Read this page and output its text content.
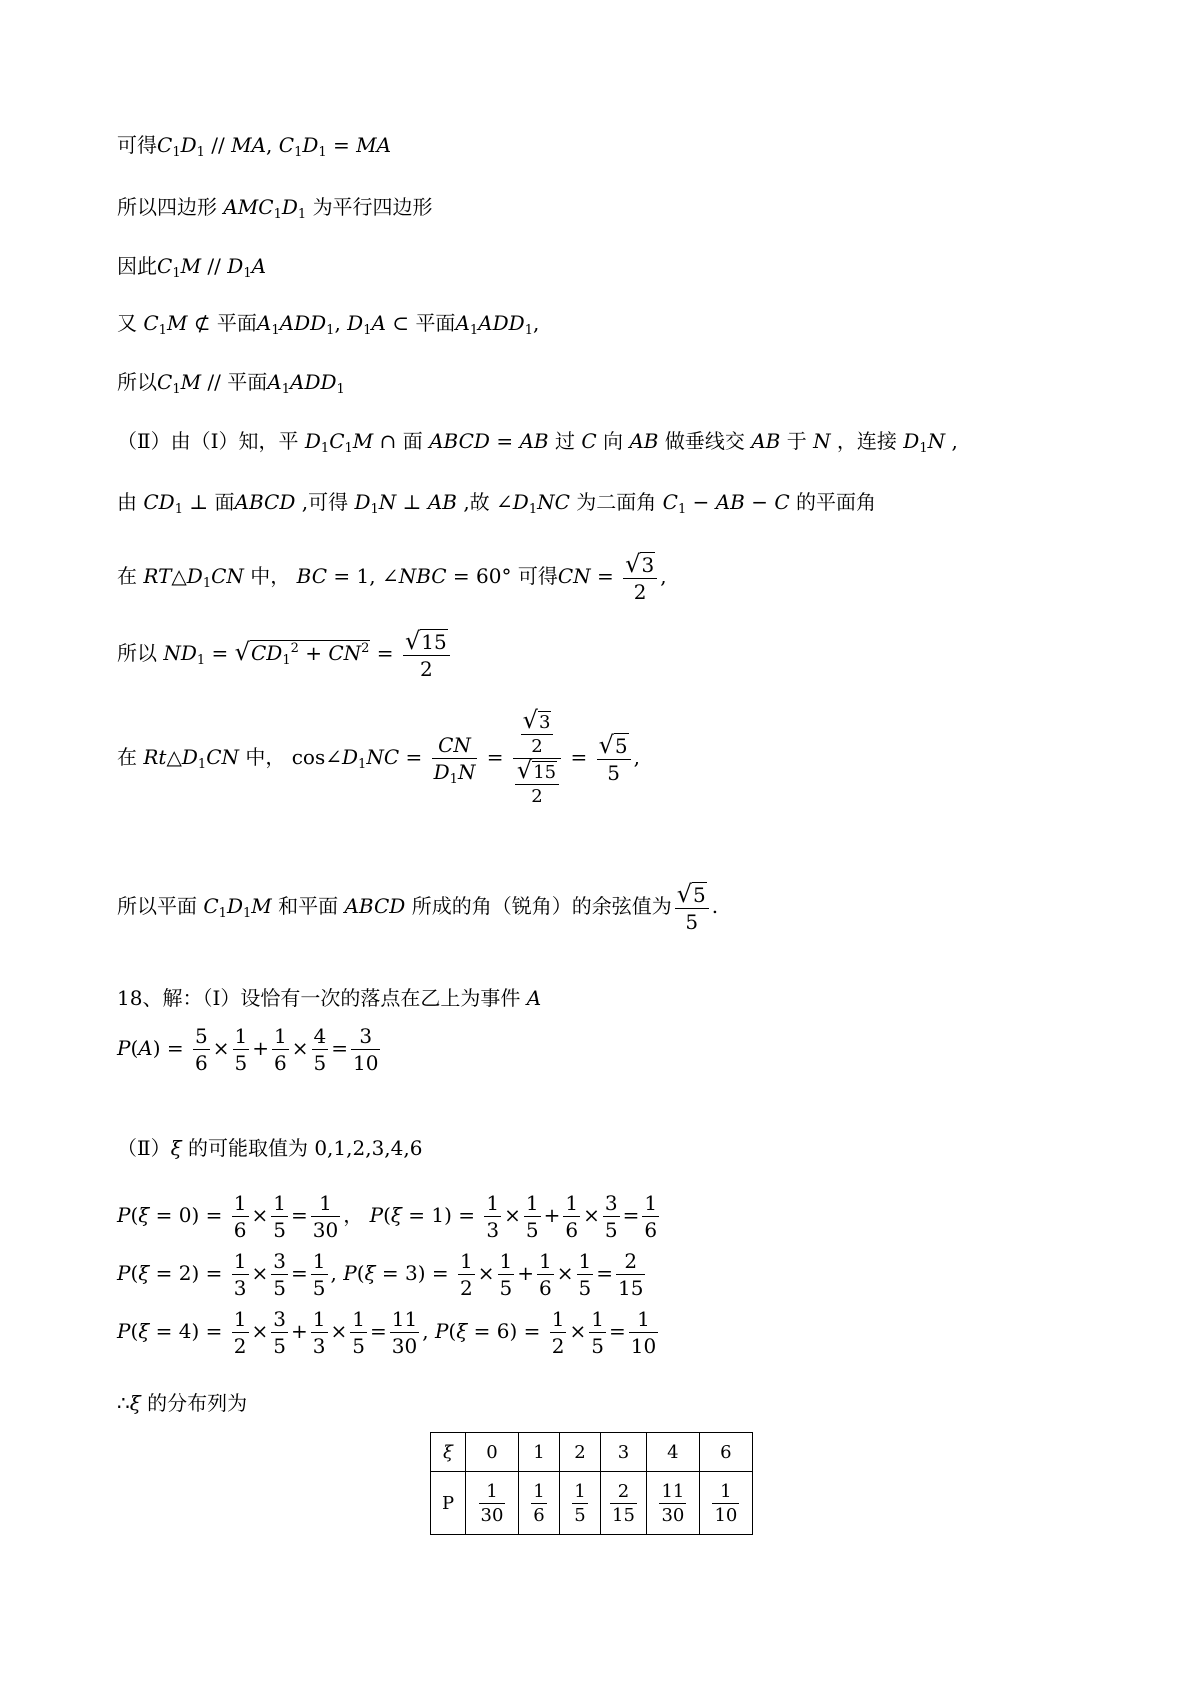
可得$C_1D_1$ // MA, $C_1D_1$ = MA
所以四边形 $AMC_1D_1$ 为平行四边形
因此$C_1M // D_1A$
又 $C_1M$ ⊄ 平面$A_1ADD_1$, $D_1A$ ⊂ 平面$A_1ADD_1$,
所以$C_1M$ // 平面$A_1ADD_1$
（Ⅱ）由（Ⅰ）知，平 $D_1C_1M$ ∩ 面 ABCD = AB 过 C 向 AB 做垂线交 AB 于 N ，连接 $D_1N$ ,
由 $CD_1$ ⊥ 面ABCD ,可得 $D_1N$ ⊥ AB ,故 $\angle D_1NC$ 为二面角 $C_1$ − AB − C 的平面角
在 $RT\triangle D_1CN$ 中， BC = 1, ∠NBC = 60° 可得CN = $\frac{√3}{2}$ ,
所以 $ND_1 = √CD_1^2 + CN^2 = \frac{√15}{2}$
在 $Rt\triangle D_1CN$ 中， $\cos\angle D_1NC = \frac{CN}{D_1N} = \frac{\frac{√3}{2}}{\frac{√15}{2}} = \frac{√5}{5}$ ,
所以平面 $C_1D_1M$ 和平面 ABCD 所成的角（锐角）的余弦值为 $\frac{√5}{5}$ .
18、解：（Ⅰ）设恰有一次的落点在乙上为事件 A
$P(A) = \frac{5}{6} \times \frac{1}{5} + \frac{1}{6} \times \frac{4}{5} = \frac{3}{10}$
（Ⅱ）ξ 的可能取值为 0,1,2,3,4,6
$P(\xi = 0) = \frac{1}{6} \times \frac{1}{5} = \frac{1}{30}$ ， $P(\xi = 1) = \frac{1}{3} \times \frac{1}{5} + \frac{1}{6} \times \frac{3}{5} = \frac{1}{6}$
$P(\xi = 2) = \frac{1}{3} \times \frac{3}{5} = \frac{1}{5}$ , $P(\xi = 3) = \frac{1}{2} \times \frac{1}{5} + \frac{1}{6} \times \frac{1}{5} = \frac{2}{15}$
$P(\xi = 4) = \frac{1}{2} \times \frac{3}{5} + \frac{1}{3} \times \frac{1}{5} = \frac{11}{30}$ , $P(\xi = 6) = \frac{1}{2} \times \frac{1}{5} = \frac{1}{10}$
∴ξ 的分布列为
ξ	0	1	2	3	4	6
P	$\frac{1}{30}$	$\frac{1}{6}$	$\frac{1}{5}$	$\frac{2}{15}$	$\frac{11}{30}$	$\frac{1}{10}$
